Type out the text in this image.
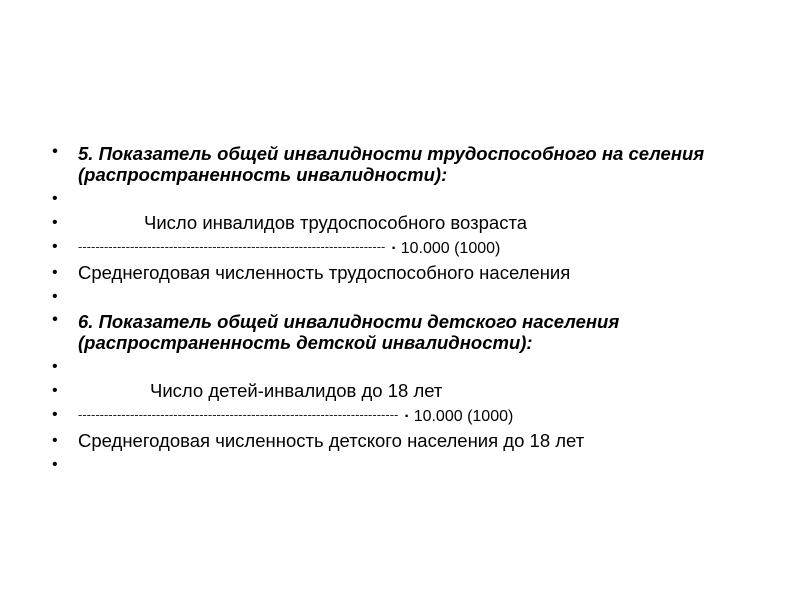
• 5. Показатель общей инвалидности трудоспособного на селения (распространенность инвалидности):
•
• Число инвалидов трудоспособного возраста
• ----------------------------------------------------------------------- · 10.000 (1000)
• Среднегодовая численность трудоспособного населения
•
• 6. Показатель общей инвалидности детского населения (распространенность детской инвалидности):
•
• Число детей-инвалидов до 18 лет
• -------------------------------------------------------------------------- · 10.000 (1000)
• Среднегодовая численность детского населения до 18 лет
•
